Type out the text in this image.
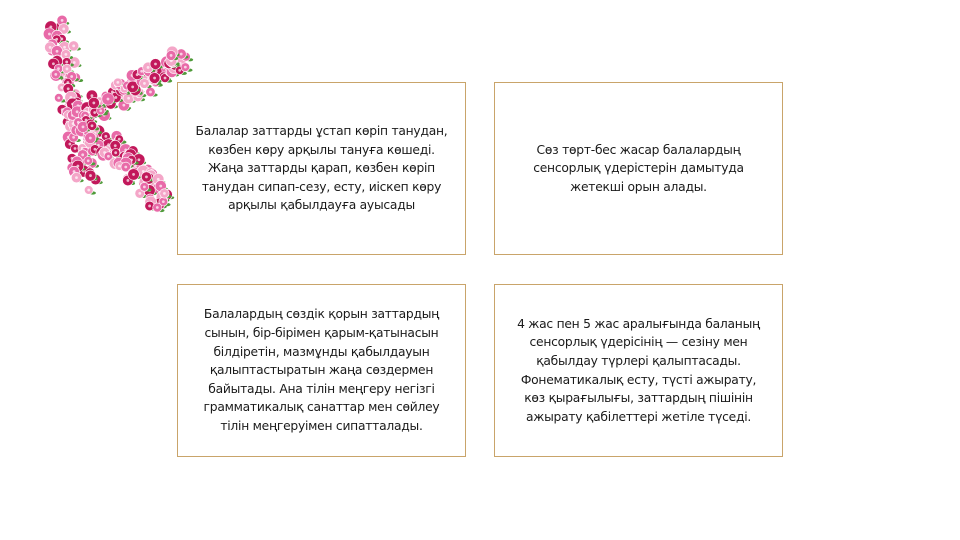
Балалар заттарды ұстап көріп танудан, көзбен көру арқылы тануға көшеді. Жаңа заттарды қарап, көзбен көріп танудан сипап-сезу, есту, иіскеп көру арқылы қабылдауға ауысады
Сөз төрт-бес жасар балалардың сенсорлық үдерістерін дамытуда жетекші орын алады.
Балалардың сөздік қорын заттардың сынын, бір-бірімен қарым-қатынасын білдіретін, мазмұнды қабылдауын қалыптастыратын жаңа сөздермен байытады. Ана тілін меңгеру негізгі грамматикалық санаттар мен сөйлеу тілін меңгеруімен сипатталады.
4 жас пен 5 жас аралығында баланың сенсорлық үдерісінің — сезіну мен қабылдау түрлері қалыптасады. Фонематикалық есту, түсті ажырату, көз қырағылығы, заттардың пішінін ажырату қабілеттері жетіле түседі.
